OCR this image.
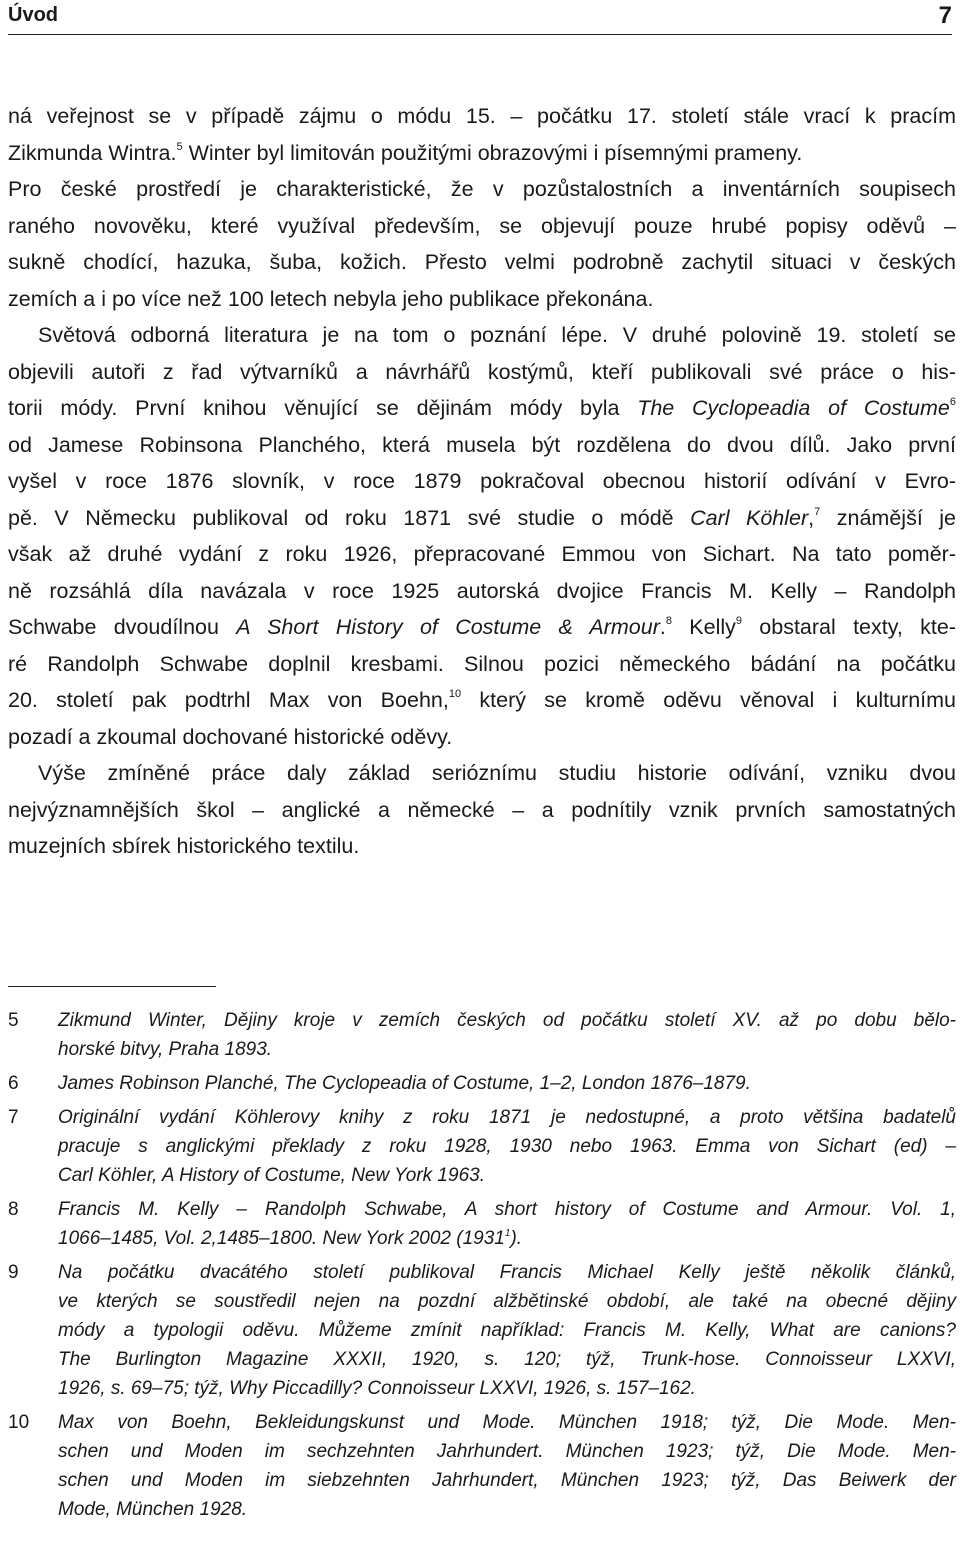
Úvod	7
ná veřejnost se v případě zájmu o módu 15. – počátku 17. století stále vrací k pracím
Zikmunda Wintra.$^5$ Winter byl limitován použitými obrazovými i písemnými prameny.
Pro české prostředí je charakteristické, že v pozůstalostních a inventárních soupisech
raného novověku, které využíval především, se objevují pouze hrubé popisy oděvů –
sukně chodící, hazuka, šuba, kožich. Přesto velmi podrobně zachytil situaci v českých
zemích a i po více než 100 letech nebyla jeho publikace překonána.
Světová odborná literatura je na tom o poznání lépe. V druhé polovině 19. století se
objevili autoři z řad výtvarníků a návrhářů kostýmů, kteří publikovali své práce o his-
torii módy. První knihou věnující se dějinám módy byla The Cyclopeadia of Costume$^6$
od Jamese Robinsona Planchého, která musela být rozdělena do dvou dílů. Jako první
vyšel v roce 1876 slovník, v roce 1879 pokračoval obecnou historií odívání v Evro-
pě. V Německu publikoval od roku 1871 své studie o módě Carl Köhler,$^7$ známější je
však až druhé vydání z roku 1926, přepracované Emmou von Sichart. Na tato poměr-
ně rozsáhlá díla navázala v roce 1925 autorská dvojice Francis M. Kelly – Randolph
Schwabe dvoudílnou A Short History of Costume & Armour.$^8$ Kelly$^9$ obstaral texty, kte-
ré Randolph Schwabe doplnil kresbami. Silnou pozici německého bádání na počátku
20. století pak podtrhl Max von Boehn,$^{10}$ který se kromě oděvu věnoval i kulturnímu
pozadí a zkoumal dochované historické oděvy.
Výše zmíněné práce daly základ serióznímu studiu historie odívání, vzniku dvou
nejvýznamnějších škol – anglické a německé – a podnítily vznik prvních samostatných
muzejních sbírek historického textilu.
5 Zikmund Winter, Dějiny kroje v zemích českých od počátku století XV. až po dobu bělo-
horské bitvy, Praha 1893.
6 James Robinson Planché, The Cyclopeadia of Costume, 1–2, London 1876–1879.
7 Originální vydání Köhlerovy knihy z roku 1871 je nedostupné, a proto většina badatelů
pracuje s anglickými překlady z roku 1928, 1930 nebo 1963. Emma von Sichart (ed) –
Carl Köhler, A History of Costume, New York 1963.
8 Francis M. Kelly – Randolph Schwabe, A short history of Costume and Armour. Vol. 1,
1066–1485, Vol. 2,1485–1800. New York 2002 (1931$^1$).
9 Na počátku dvacátého století publikoval Francis Michael Kelly ještě několik článků,
ve kterých se soustředil nejen na pozdní alžbětinské období, ale také na obecné dějiny
módy a typologii oděvu. Můžeme zmínit například: Francis M. Kelly, What are canions?
The Burlington Magazine XXXII, 1920, s. 120; týž, Trunk-hose. Connoisseur LXXVI,
1926, s. 69–75; týž, Why Piccadilly? Connoisseur LXXVI, 1926, s. 157–162.
10 Max von Boehn, Bekleidungskunst und Mode. München 1918; týž, Die Mode. Men-
schen und Moden im sechzehnten Jahrhundert. München 1923; týž, Die Mode. Men-
schen und Moden im siebzehnten Jahrhundert, München 1923; týž, Das Beiwerk der
Mode, München 1928.
